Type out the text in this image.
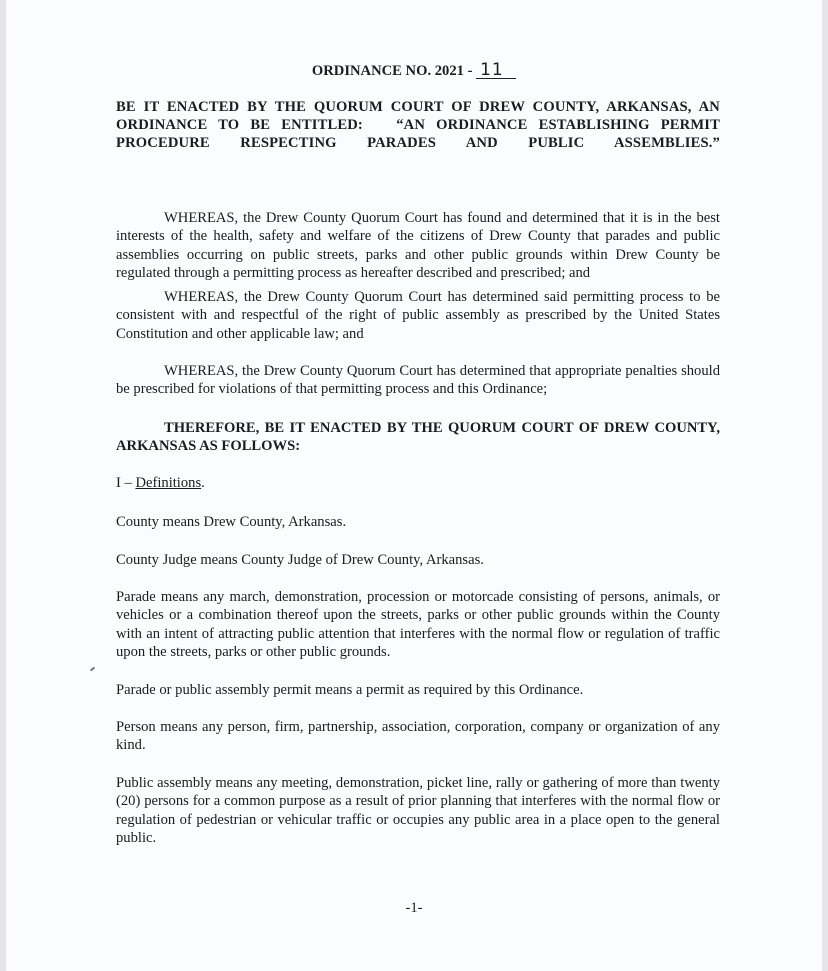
ORDINANCE NO. 2021 - 11
BE IT ENACTED BY THE QUORUM COURT OF DREW COUNTY, ARKANSAS, AN
ORDINANCE TO BE ENTITLED:   “AN ORDINANCE ESTABLISHING PERMIT
PROCEDURE RESPECTING PARADES AND PUBLIC ASSEMBLIES.”
WHEREAS, the Drew County Quorum Court has found and determined that it is in the best interests of the health, safety and welfare of the citizens of Drew County that parades and public assemblies occurring on public streets, parks and other public grounds within Drew County be regulated through a permitting process as hereafter described and prescribed; and
WHEREAS, the Drew County Quorum Court has determined said permitting process to be consistent with and respectful of the right of public assembly as prescribed by the United States Constitution and other applicable law; and
WHEREAS, the Drew County Quorum Court has determined that appropriate penalties should be prescribed for violations of that permitting process and this Ordinance;
THEREFORE, BE IT ENACTED BY THE QUORUM COURT OF DREW COUNTY, ARKANSAS AS FOLLOWS:
I – Definitions.
County means Drew County, Arkansas.
County Judge means County Judge of Drew County, Arkansas.
Parade means any march, demonstration, procession or motorcade consisting of persons, animals, or vehicles or a combination thereof upon the streets, parks or other public grounds within the County with an intent of attracting public attention that interferes with the normal flow or regulation of traffic upon the streets, parks or other public grounds.
Parade or public assembly permit means a permit as required by this Ordinance.
Person means any person, firm, partnership, association, corporation, company or organization of any kind.
Public assembly means any meeting, demonstration, picket line, rally or gathering of more than twenty (20) persons for a common purpose as a result of prior planning that interferes with the normal flow or regulation of pedestrian or vehicular traffic or occupies any public area in a place open to the general public.
-1-
